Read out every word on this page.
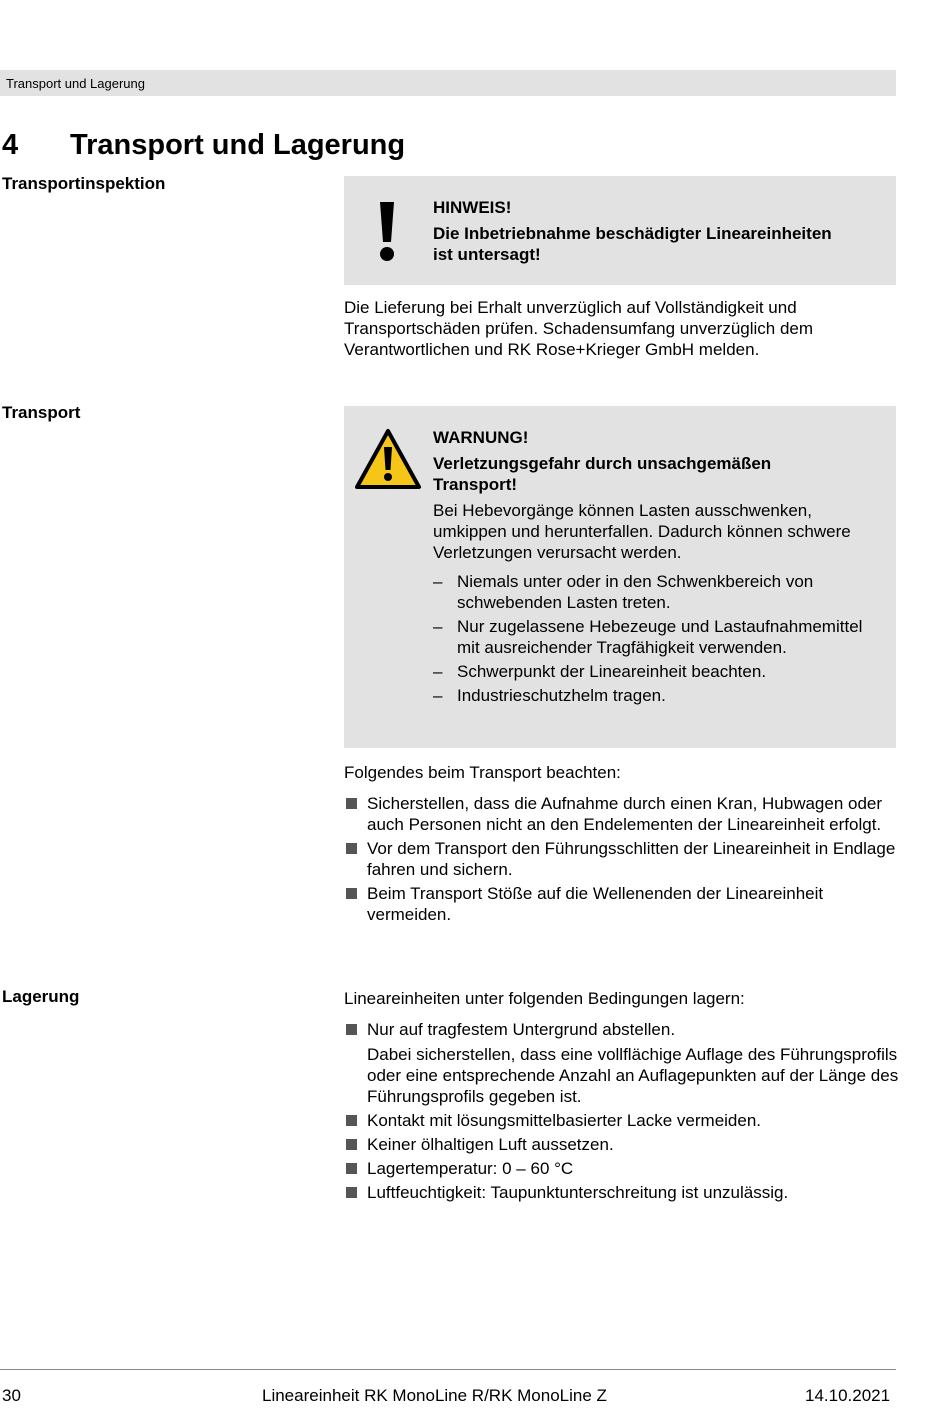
Transport und Lagerung
4 Transport und Lagerung
Transportinspektion
HINWEIS!
Die Inbetriebnahme beschädigter Lineareinheiten ist untersagt!
Die Lieferung bei Erhalt unverzüglich auf Vollständigkeit und Transportschäden prüfen. Schadensumfang unverzüglich dem Verantwortlichen und RK Rose+Krieger GmbH melden.
Transport
WARNUNG!
Verletzungsgefahr durch unsachgemäßen Transport!
Bei Hebevorgänge können Lasten ausschwenken, umkippen und herunterfallen. Dadurch können schwere Verletzungen verursacht werden.
– Niemals unter oder in den Schwenkbereich von schwebenden Lasten treten.
– Nur zugelassene Hebezeuge und Lastaufnahmemittel mit ausreichender Tragfähigkeit verwenden.
– Schwerpunkt der Lineareinheit beachten.
– Industrieschutzhelm tragen.
Folgendes beim Transport beachten:
Sicherstellen, dass die Aufnahme durch einen Kran, Hubwagen oder auch Personen nicht an den Endelementen der Lineareinheit erfolgt.
Vor dem Transport den Führungsschlitten der Lineareinheit in Endlage fahren und sichern.
Beim Transport Stöße auf die Wellenenden der Lineareinheit vermeiden.
Lagerung	Lineareinheiten unter folgenden Bedingungen lagern:
Nur auf tragfestem Untergrund abstellen.
Dabei sicherstellen, dass eine vollflächige Auflage des Führungsprofils oder eine entsprechende Anzahl an Auflagepunkten auf der Länge des Führungsprofils gegeben ist.
Kontakt mit lösungsmittelbasierter Lacke vermeiden.
Keiner ölhaltigen Luft aussetzen.
Lagertemperatur: 0 – 60 °C
Luftfeuchtigkeit: Taupunktunterschreitung ist unzulässig.
30	Lineareinheit RK MonoLine R/RK MonoLine Z	14.10.2021
